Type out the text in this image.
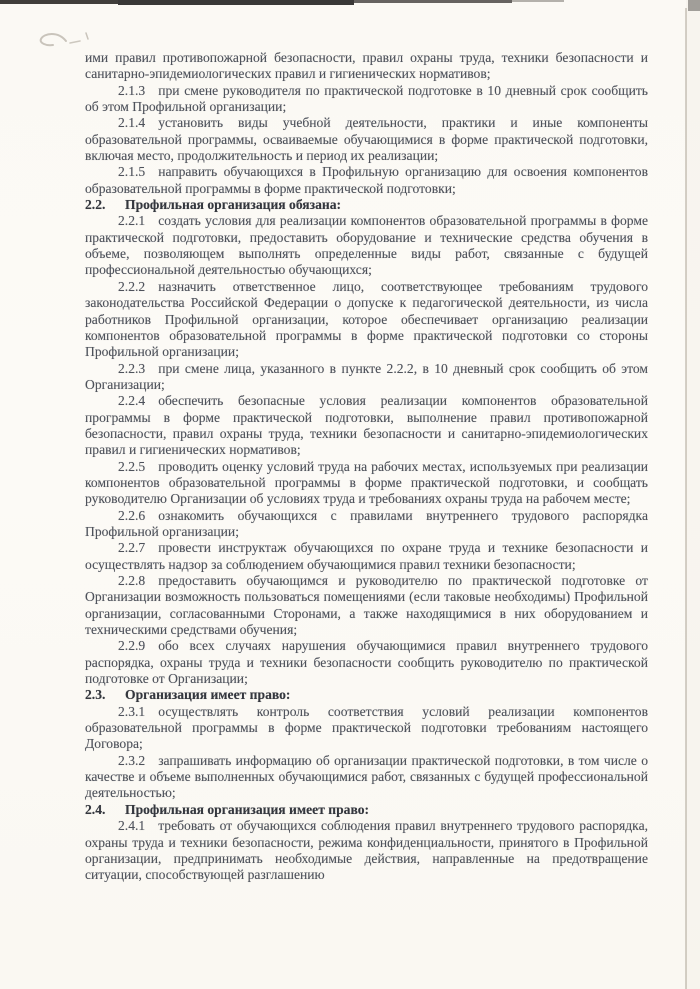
ими правил противопожарной безопасности, правил охраны труда, техники безопасности и санитарно-эпидемиологических правил и гигиенических нормативов;

2.1.3 при смене руководителя по практической подготовке в 10 дневный срок сообщить об этом Профильной организации;

2.1.4 установить виды учебной деятельности, практики и иные компоненты образовательной программы, осваиваемые обучающимися в форме практической подготовки, включая место, продолжительность и период их реализации;

2.1.5 направить обучающихся в Профильную организацию для освоения компонентов образовательной программы в форме практической подготовки;

2.2. Профильная организация обязана:

2.2.1 создать условия для реализации компонентов образовательной программы в форме практической подготовки, предоставить оборудование и технические средства обучения в объеме, позволяющем выполнять определенные виды работ, связанные с будущей профессиональной деятельностью обучающихся;

2.2.2 назначить ответственное лицо, соответствующее требованиям трудового законодательства Российской Федерации о допуске к педагогической деятельности, из числа работников Профильной организации, которое обеспечивает организацию реализации компонентов образовательной программы в форме практической подготовки со стороны Профильной организации;

2.2.3 при смене лица, указанного в пункте 2.2.2, в 10 дневный срок сообщить об этом Организации;

2.2.4 обеспечить безопасные условия реализации компонентов образовательной программы в форме практической подготовки, выполнение правил противопожарной безопасности, правил охраны труда, техники безопасности и санитарно-эпидемиологических правил и гигиенических нормативов;

2.2.5 проводить оценку условий труда на рабочих местах, используемых при реализации компонентов образовательной программы в форме практической подготовки, и сообщать руководителю Организации об условиях труда и требованиях охраны труда на рабочем месте;

2.2.6 ознакомить обучающихся с правилами внутреннего трудового распорядка Профильной организации;

2.2.7 провести инструктаж обучающихся по охране труда и технике безопасности и осуществлять надзор за соблюдением обучающимися правил техники безопасности;

2.2.8 предоставить обучающимся и руководителю по практической подготовке от Организации возможность пользоваться помещениями (если таковые необходимы) Профильной организации, согласованными Сторонами, а также находящимися в них оборудованием и техническими средствами обучения;

2.2.9 обо всех случаях нарушения обучающимися правил внутреннего трудового распорядка, охраны труда и техники безопасности сообщить руководителю по практической подготовке от Организации;

2.3. Организация имеет право:

2.3.1 осуществлять контроль соответствия условий реализации компонентов образовательной программы в форме практической подготовки требованиям настоящего Договора;

2.3.2 запрашивать информацию об организации практической подготовки, в том числе о качестве и объеме выполненных обучающимися работ, связанных с будущей профессиональной деятельностью;

2.4. Профильная организация имеет право:

2.4.1 требовать от обучающихся соблюдения правил внутреннего трудового распорядка, охраны труда и техники безопасности, режима конфиденциальности, принятого в Профильной организации, предпринимать необходимые действия, направленные на предотвращение ситуации, способствующей разглашению
